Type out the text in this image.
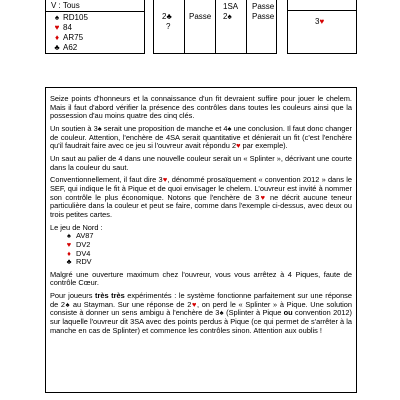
V : Tous
♠ RD105
♥ 84
♦ AR75
♣ A62
2♣
?
Passe
1SA
2♠
Passe
Passe
3♥

Seize points d'honneurs et la connaissance d'un fit devraient suffire pour jouer le chelem. Mais il faut d'abord vérifier la présence des contrôles dans toutes les couleurs ainsi que la possession d'au moins quatre des cinq clés.

Un soutien à 3♠ serait une proposition de manche et 4♠ une conclusion. Il faut donc changer de couleur. Attention, l'enchère de 4SA serait quantitative et dénierait un fit (c'est l'enchère qu'il faudrait faire avec ce jeu si l'ouvreur avait répondu 2♥ par exemple).

Un saut au palier de 4 dans une nouvelle couleur serait un « Splinter », décrivant une courte dans la couleur du saut.

Conventionnellement, il faut dire 3♥, dénommé prosaïquement « convention 2012 » dans le SEF, qui indique le fit à Pique et de quoi envisager le chelem. L'ouvreur est invité à nommer son contrôle le plus économique. Notons que l'enchère de 3♥ ne décrit aucune teneur particulière dans la couleur et peut se faire, comme dans l'exemple ci-dessus, avec deux ou trois petites cartes.

Le jeu de Nord :
♠ AV87
♥ DV2
♦ DV4
♣ RDV

Malgré une ouverture maximum chez l'ouvreur, vous vous arrêtez à 4 Piques, faute de contrôle Cœur.

Pour joueurs très très expérimentés : le système fonctionne parfaitement sur une réponse de 2♠ au Stayman. Sur une réponse de 2♥, on perd le « Splinter » à Pique. Une solution consiste à donner un sens ambigu à l'enchère de 3♠ (Splinter à Pique ou convention 2012) sur laquelle l'ouvreur dit 3SA avec des points perdus à Pique (ce qui permet de s'arrêter à la manche en cas de Splinter) et commence les contrôles sinon. Attention aux oublis !
